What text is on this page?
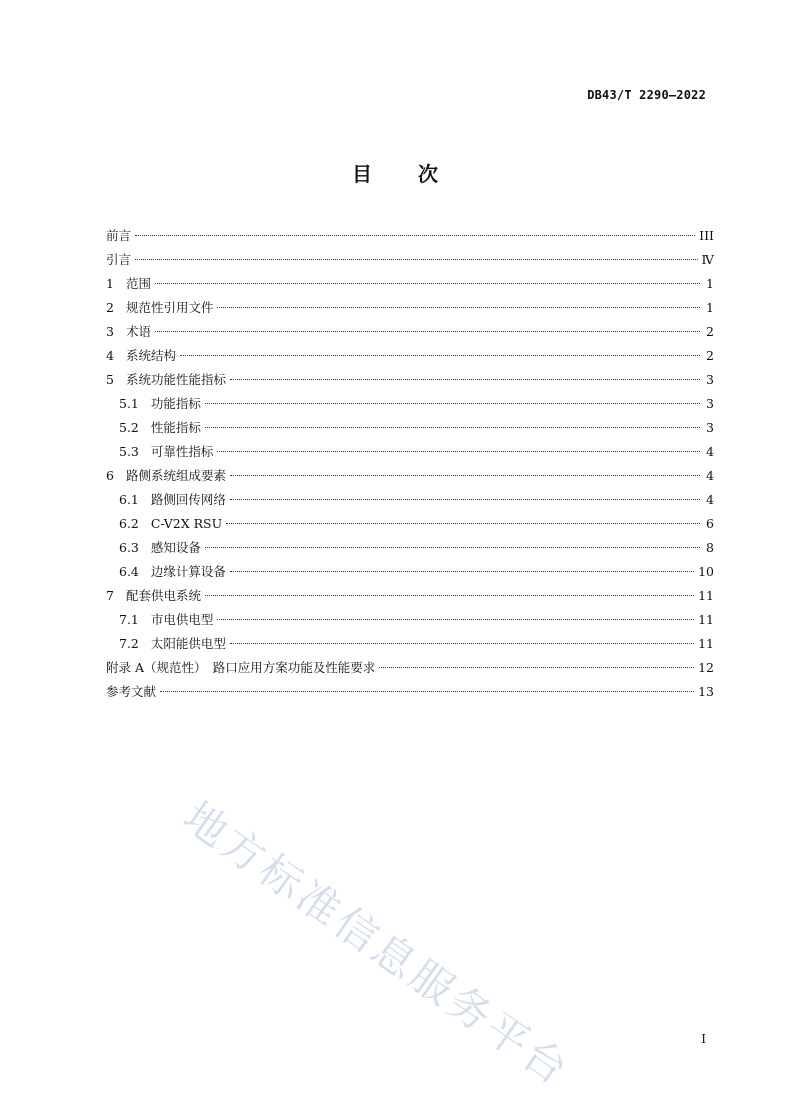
DB43/T 2290—2022
目　　次
前言	III
引言	Ⅳ
1 范围	1
2 规范性引用文件	1
3 术语	2
4 系统结构	2
5 系统功能性能指标	3
5.1 功能指标	3
5.2 性能指标	3
5.3 可靠性指标	4
6 路侧系统组成要素	4
6.1 路侧回传网络	4
6.2 C-V2X RSU	6
6.3 感知设备	8
6.4 边缘计算设备	10
7 配套供电系统	11
7.1 市电供电型	11
7.2 太阳能供电型	11
附录 A（规范性）　路口应用方案功能及性能要求	12
参考文献	13
地方标准信息服务平台	I
